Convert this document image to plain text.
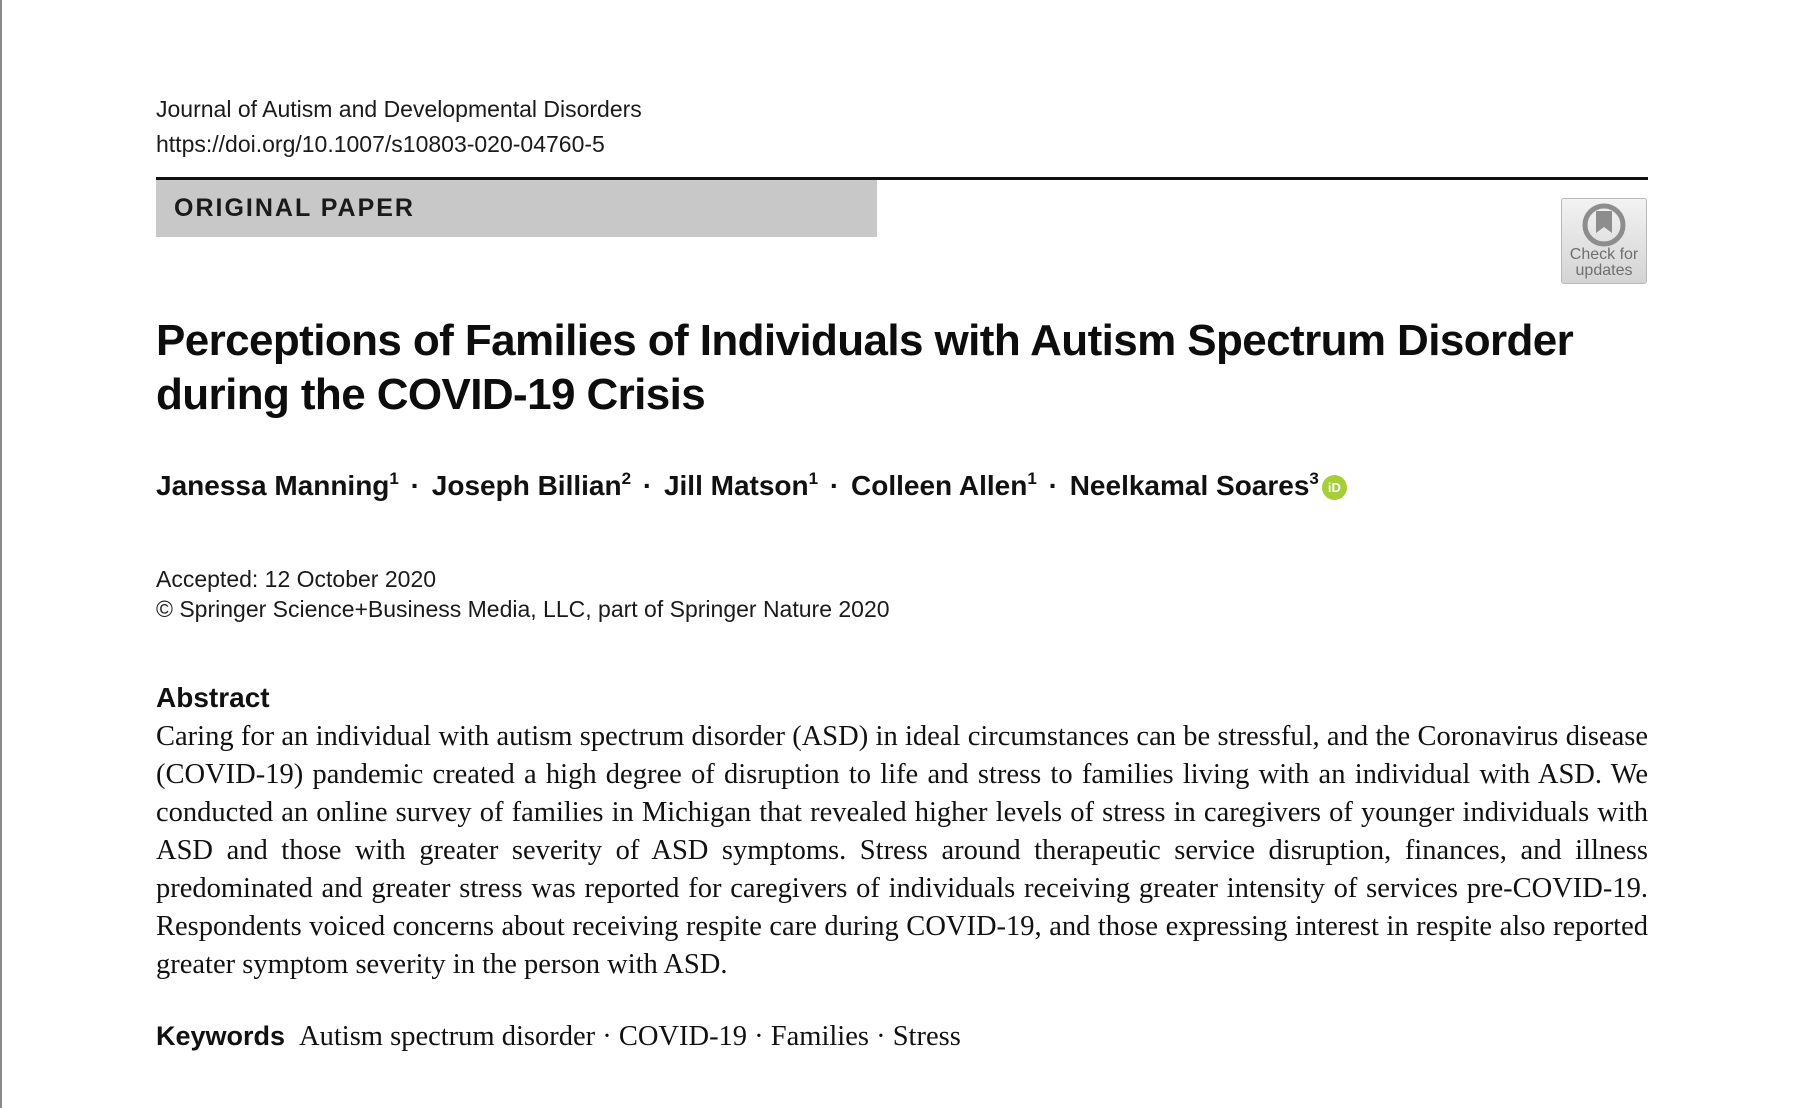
Journal of Autism and Developmental Disorders
https://doi.org/10.1007/s10803-020-04760-5
ORIGINAL PAPER
Check for
updates
Perceptions of Families of Individuals with Autism Spectrum Disorder during the COVID-19 Crisis
Janessa Manning$^1$ · Joseph Billian$^2$ · Jill Matson$^1$ · Colleen Allen$^1$ · Neelkamal Soares$^3$ iD
Accepted: 12 October 2020
© Springer Science+Business Media, LLC, part of Springer Nature 2020
Abstract
Caring for an individual with autism spectrum disorder (ASD) in ideal circumstances can be stressful, and the Coronavirus disease (COVID-19) pandemic created a high degree of disruption to life and stress to families living with an individual with ASD. We conducted an online survey of families in Michigan that revealed higher levels of stress in caregivers of younger individuals with ASD and those with greater severity of ASD symptoms. Stress around therapeutic service disruption, finances, and illness predominated and greater stress was reported for caregivers of individuals receiving greater intensity of services pre-COVID-19. Respondents voiced concerns about receiving respite care during COVID-19, and those expressing interest in respite also reported greater symptom severity in the person with ASD.
Keywords Autism spectrum disorder · COVID-19 · Families · Stress
